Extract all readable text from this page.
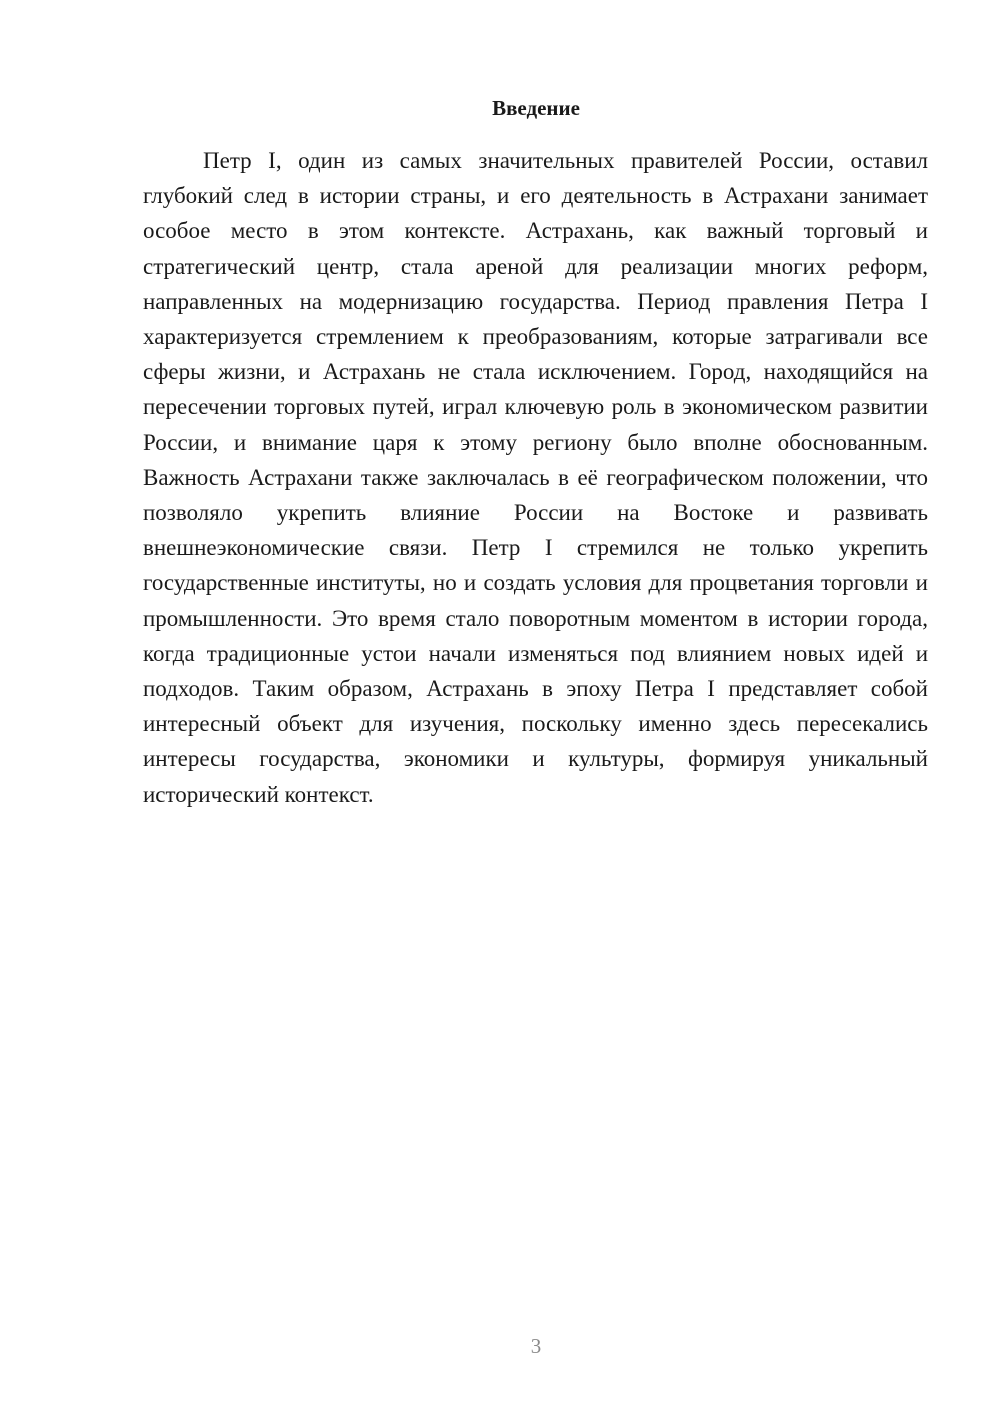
Введение

Петр I, один из самых значительных правителей России, оставил глубокий след в истории страны, и его деятельность в Астрахани занимает особое место в этом контексте. Астрахань, как важный торговый и стратегический центр, стала ареной для реализации многих реформ, направленных на модернизацию государства. Период правления Петра I характеризуется стремлением к преобразованиям, которые затрагивали все сферы жизни, и Астрахань не стала исключением. Город, находящийся на пересечении торговых путей, играл ключевую роль в экономическом развитии России, и внимание царя к этому региону было вполне обоснованным. Важность Астрахани также заключалась в её географическом положении, что позволяло укрепить влияние России на Востоке и развивать внешнеэкономические связи. Петр I стремился не только укрепить государственные институты, но и создать условия для процветания торговли и промышленности. Это время стало поворотным моментом в истории города, когда традиционные устои начали изменяться под влиянием новых идей и подходов. Таким образом, Астрахань в эпоху Петра I представляет собой интересный объект для изучения, поскольку именно здесь пересекались интересы государства, экономики и культуры, формируя уникальный исторический контекст.

3
